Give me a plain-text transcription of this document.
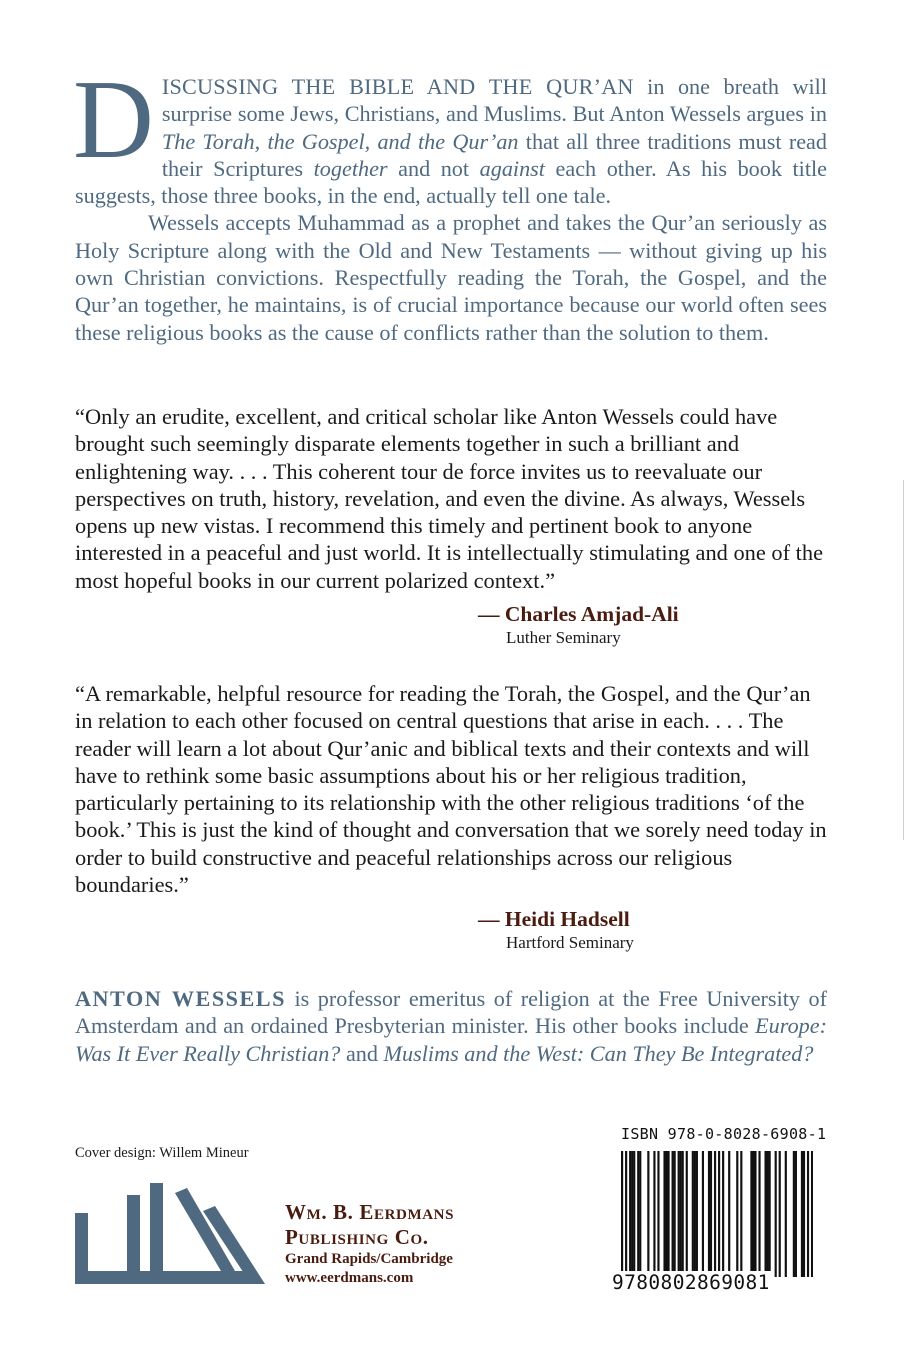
DISCUSSING THE BIBLE AND THE QUR’AN in one breath will surprise some Jews, Christians, and Muslims. But Anton Wessels argues in The Torah, the Gospel, and the Qur’an that all three traditions must read their Scriptures together and not against each other. As his book title suggests, those three books, in the end, actually tell one tale.

Wessels accepts Muhammad as a prophet and takes the Qur’an seriously as Holy Scripture along with the Old and New Testaments — without giving up his own Christian convictions. Respectfully reading the Torah, the Gospel, and the Qur’an together, he maintains, is of crucial importance because our world often sees these religious books as the cause of conflicts rather than the solution to them.

“Only an erudite, excellent, and critical scholar like Anton Wessels could have brought such seemingly disparate elements together in such a brilliant and enlightening way. . . . This coherent tour de force invites us to reevaluate our perspectives on truth, history, revelation, and even the divine. As always, Wessels opens up new vistas. I recommend this timely and pertinent book to anyone interested in a peaceful and just world. It is intellectually stimulating and one of the most hopeful books in our current polarized context.”

— Charles Amjad-Ali
Luther Seminary

“A remarkable, helpful resource for reading the Torah, the Gospel, and the Qur’an in relation to each other focused on central questions that arise in each. . . . The reader will learn a lot about Qur’anic and biblical texts and their contexts and will have to rethink some basic assumptions about his or her religious tradition, particularly pertaining to its relationship with the other religious traditions ‘of the book.’ This is just the kind of thought and conversation that we sorely need today in order to build constructive and peaceful relationships across our religious boundaries.”

— Heidi Hadsell
Hartford Seminary
ANTON WESSELS is professor emeritus of religion at the Free University of Amsterdam and an ordained Presbyterian minister. His other books include Europe: Was It Ever Really Christian? and Muslims and the West: Can They Be Integrated?
Cover design: Willem Mineur
Wm. B. Eerdmans
Publishing Co.
Grand Rapids/Cambridge
www.eerdmans.com
ISBN 978-0-8028-6908-1
9780802869081
